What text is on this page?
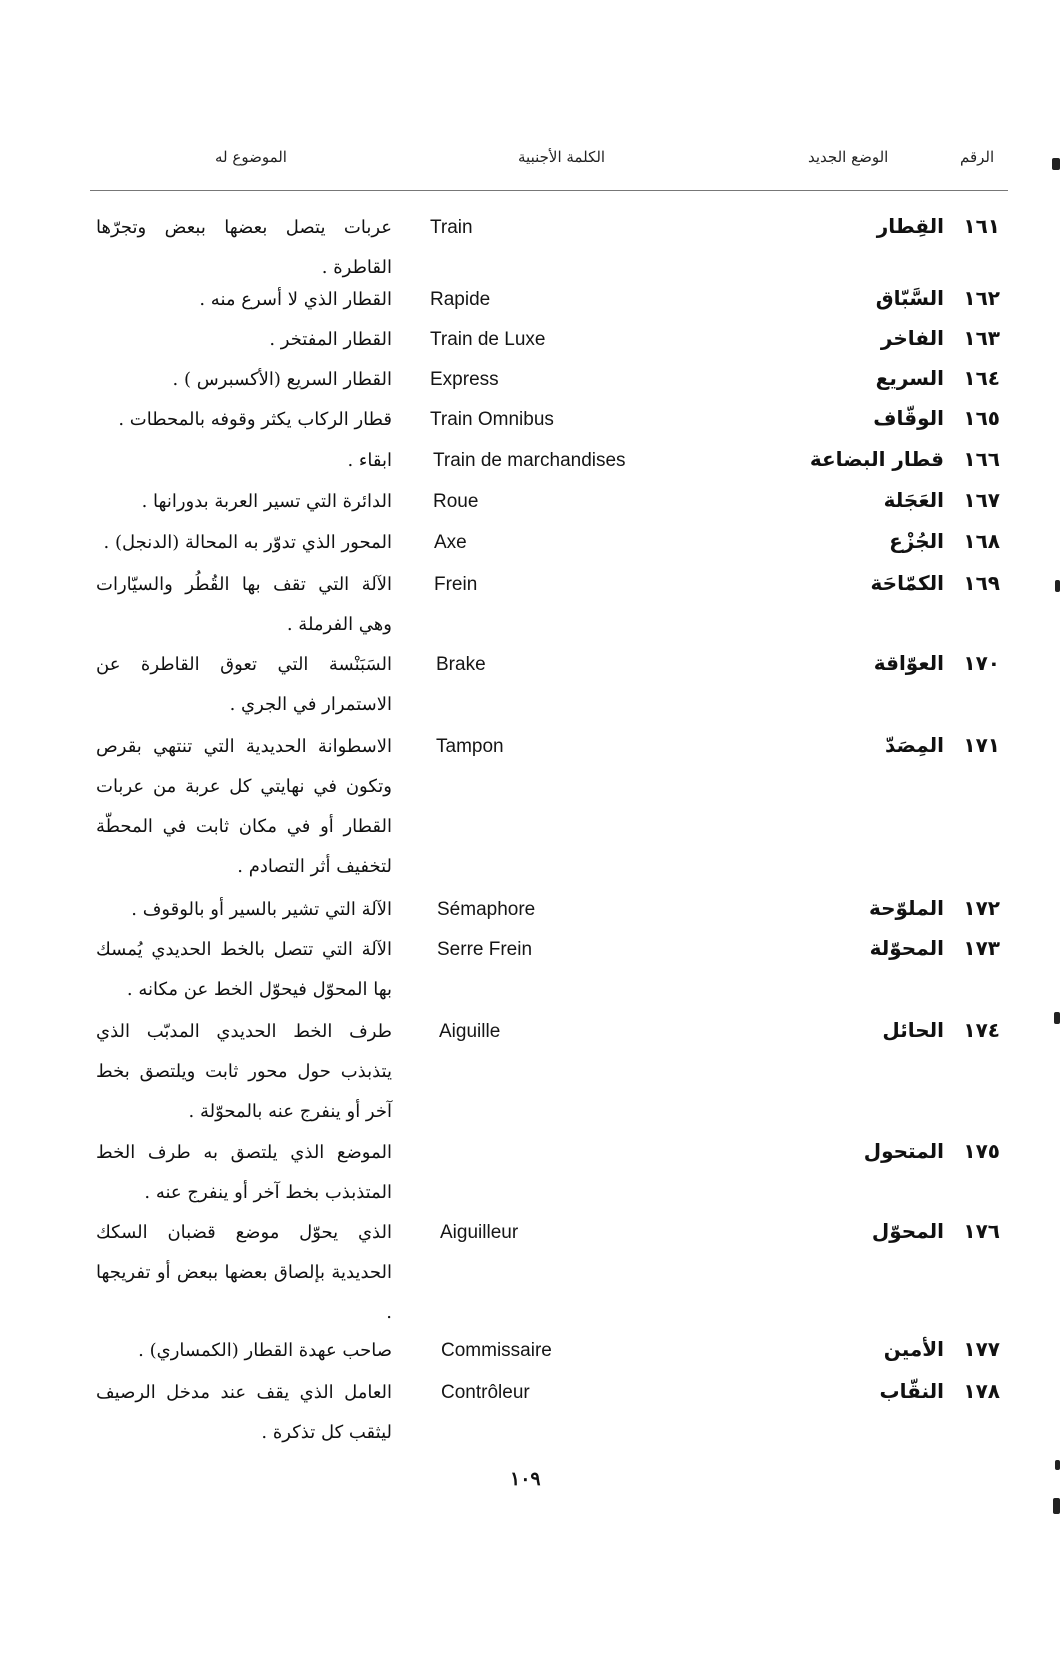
الرقم
الوضع الجديد
الكلمة الأجنبية
الموضوع له
١٦١
القِطار
Train
عربات يتصل بعضها ببعض وتجرّها القاطرة .
١٦٢
السَّبّاق
Rapide
القطار الذي لا أسرع منه .
١٦٣
الفاخر
Train de Luxe
القطار المفتخر .
١٦٤
السريع
Express
القطار السريع (الأكسبرس ) .
١٦٥
الوقّاف
Train Omnibus
قطار الركاب يكثر وقوفه بالمحطات .
١٦٦
قطار البضاعة
Train de marchandises
ابقاء .
١٦٧
العَجَلة
Roue
الدائرة التي تسير العربة بدورانها .
١٦٨
الجُزْع
Axe
المحور الذي تدوّر به المحالة (الدنجل) .
١٦٩
الكمّاحَة
Frein
الآلة التي تقف بها القُطُر والسيّارات وهي الفرملة .
١٧٠
العوّاقة
Brake
السَبَنْسة التي تعوق القاطرة عن الاستمرار في الجري .
١٧١
المِصَدّ
Tampon
الاسطوانة الحديدية التي تنتهي بقرص وتكون في نهايتي كل عربة من عربات القطار أو في مكان ثابت في المحطّة لتخفيف أثر التصادم .
١٧٢
الملوّحة
Sémaphore
الآلة التي تشير بالسير أو بالوقوف .
١٧٣
المحوّلة
Serre Frein
الآلة التي تتصل بالخط الحديدي يُمسك بها المحوّل فيحوّل الخط عن مكانه .
١٧٤
الحائل
Aiguille
طرف الخط الحديدي المدبّب الذي يتذبذب حول محور ثابت ويلتصق بخط آخر أو ينفرج عنه بالمحوّلة .
١٧٥
المتحول
الموضع الذي يلتصق به طرف الخط المتذبذب بخط آخر أو ينفرج عنه .
١٧٦
المحوّل
Aiguilleur
الذي يحوّل موضع قضبان السكك الحديدية بإلصاق بعضها ببعض أو تفريجها .
١٧٧
الأمين
Commissaire
صاحب عهدة القطار (الكمساري) .
١٧٨
النقّاب
Contrôleur
العامل الذي يقف عند مدخل الرصيف ليثقب كل تذكرة .
١٠٩
